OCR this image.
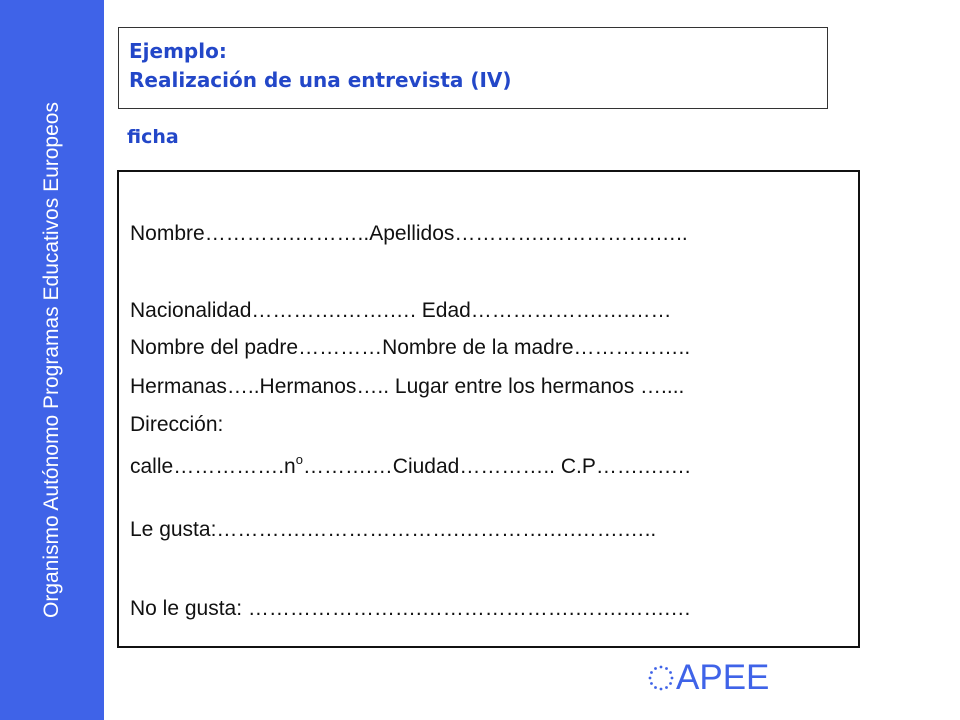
Organismo Autónomo Programas Educativos Europeos
Ejemplo:
Realización de una entrevista (IV)
ficha
Nombre………….………..Apellidos………….…………….…..
Nacionalidad………….…….…. Edad……………….….……
Nombre del padre…………Nombre de la madre……………..
Hermanas…..Hermanos….. Lugar entre los hermanos …....
Dirección:
$calle\dots\dots\dots\dots\dots.n^o\dots\dots\dots.\dots Ciudad\dots\dots\dots\dots$.. C.P…….….…
Le gusta:………….………………….………….….…….…..
No le gusta: …………………….………………….…….…….…
APEE
